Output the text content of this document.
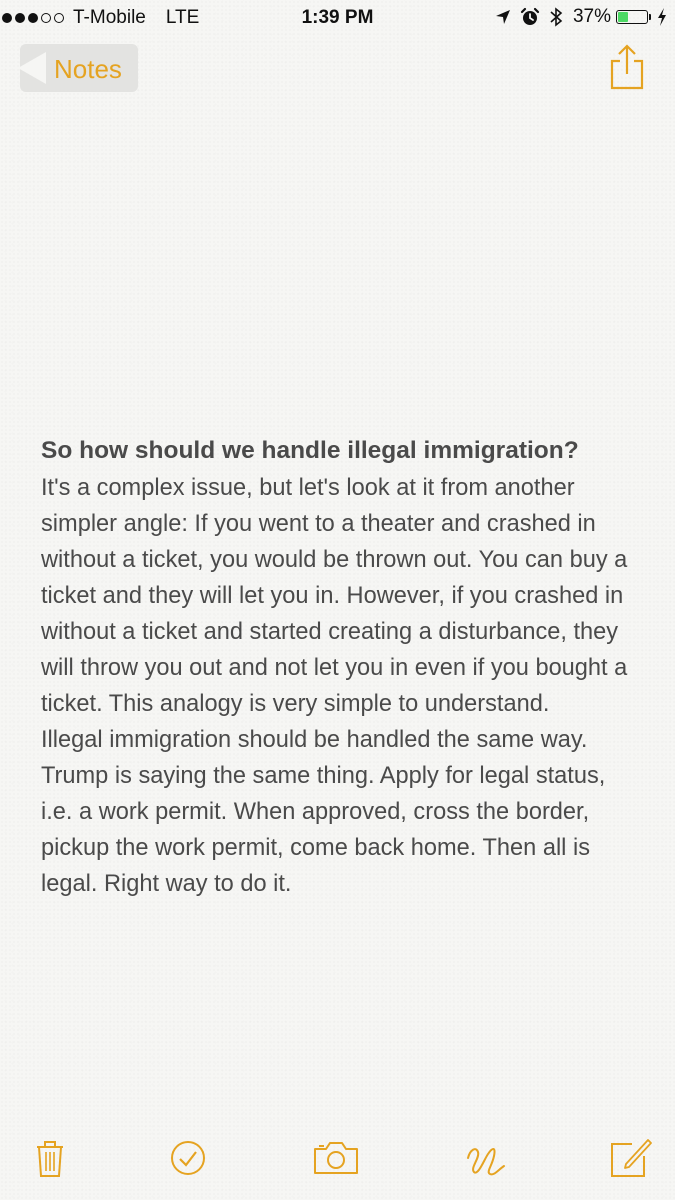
T-Mobile LTE	1:39 PM	37%
Notes

So how should we handle illegal immigration?

It's a complex issue, but let's look at it from another simpler angle: If you went to a theater and crashed in without a ticket, you would be thrown out. You can buy a ticket and they will let you in. However, if you crashed in without a ticket and started creating a disturbance, they will throw you out and not let you in even if you bought a ticket. This analogy is very simple to understand.

Illegal immigration should be handled the same way. Trump is saying the same thing. Apply for legal status, i.e. a work permit. When approved, cross the border, pickup the work permit, come back home. Then all is legal. Right way to do it.
